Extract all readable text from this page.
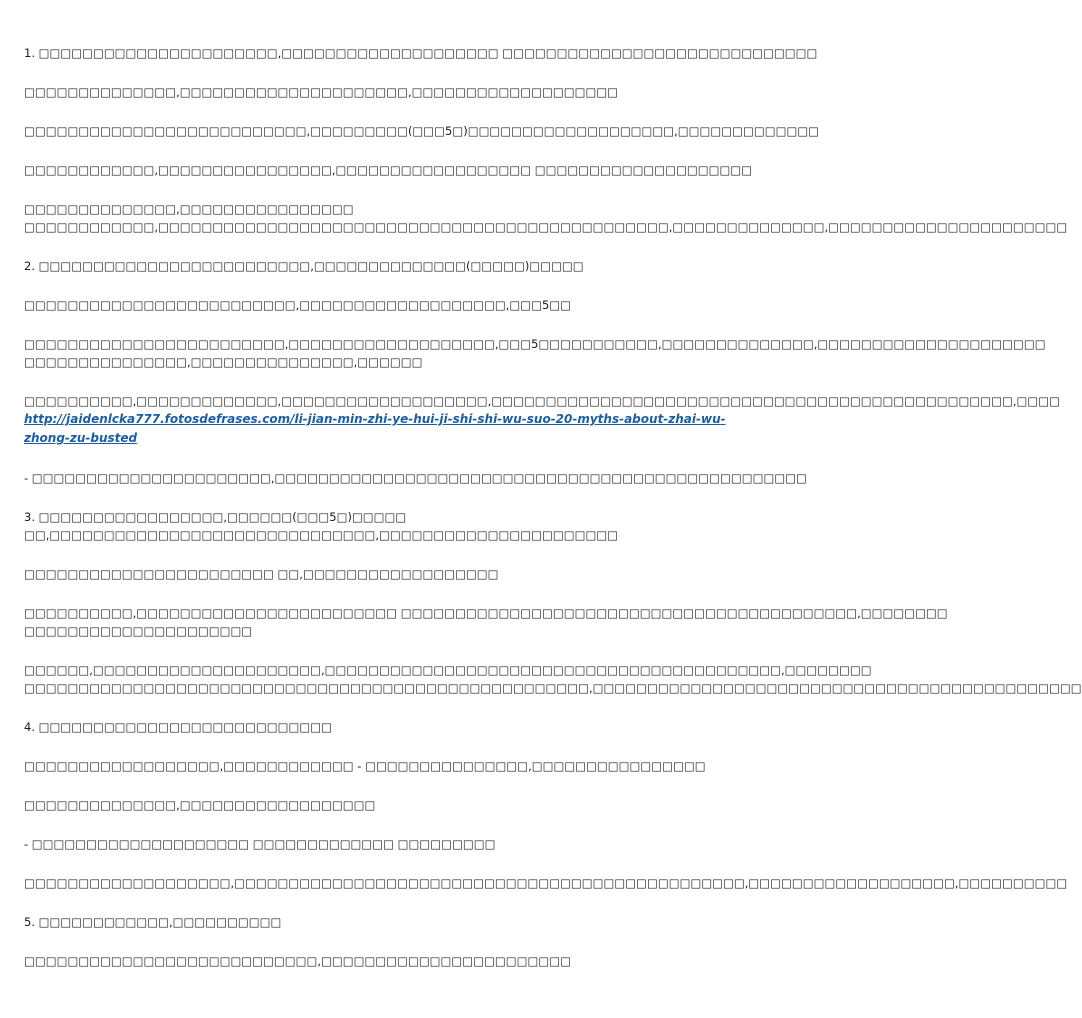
1. □□□□□□□□□□□□□□□□□□□□□□,□□□□□□□□□□□□□□□□□□□□ □□□□□□□□□□□□□□□□□□□□□□□□□□□□□
□□□□□□□□□□□□□□,□□□□□□□□□□□□□□□□□□□□□,□□□□□□□□□□□□□□□□□□□
□□□□□□□□□□□□□□□□□□□□□□□□□□,□□□□□□□□□(□□□5□)□□□□□□□□□□□□□□□□□□□,□□□□□□□□□□□□□
□□□□□□□□□□□□,□□□□□□□□□□□□□□□□,□□□□□□□□□□□□□□□□□□ □□□□□□□□□□□□□□□□□□□□
□□□□□□□□□□□□□□,□□□□□□□□□□□□□□□□
□□□□□□□□□□□□,□□□□□□□□□□□□□□□□□□□□□□□□□□□□□□□□□□□□□□□□□□□□□□□,□□□□□□□□□□□□□□,□□□□□□□□□□□□□□□□□□□□□□
2. □□□□□□□□□□□□□□□□□□□□□□□□□,□□□□□□□□□□□□□□(□□□□□)□□□□□
□□□□□□□□□□□□□□□□□□□□□□□□□,□□□□□□□□□□□□□□□□□□□,□□□5□□
□□□□□□□□□□□□□□□□□□□□□□□□,□□□□□□□□□□□□□□□□□□□,□□□5□□□□□□□□□□□,□□□□□□□□□□□□□□,□□□□□□□□□□□□□□□□□□□□□
□□□□□□□□□□□□□□□,□□□□□□□□□□□□□□□,□□□□□□
□□□□□□□□□□,□□□□□□□□□□□□□,□□□□□□□□□□□□□□□□□□□,□□□□□□□□□□□□□□□□□□□□□□□□□□□□□□□□□□□□□□□□□□□□□□□□,□□□□
http://jaidenlcka777.fotosdefrases.com/li-jian-min-zhi-ye-hui-ji-shi-shi-wu-suo-20-myths-about-zhai-wu-
zhong-zu-busted
- □□□□□□□□□□□□□□□□□□□□□□,□□□□□□□□□□□□□□□□□□□□□□□□□□□□□□□□□□□□□□□□□□□□□□□□□
3. □□□□□□□□□□□□□□□□□,□□□□□□(□□□5□)□□□□□
□□,□□□□□□□□□□□□□□□□□□□□□□□□□□□□□□,□□□□□□□□□□□□□□□□□□□□□□
□□□□□□□□□□□□□□□□□□□□□□□ □□,□□□□□□□□□□□□□□□□□□
□□□□□□□□□□,□□□□□□□□□□□□□□□□□□□□□□□□ □□□□□□□□□□□□□□□□□□□□□□□□□□□□□□□□□□□□□□□□□□,□□□□□□□□
□□□□□□□□□□□□□□□□□□□□□
□□□□□□,□□□□□□□□□□□□□□□□□□□□□,□□□□□□□□□□□□□□□□□□□□□□□□□□□□□□□□□□□□□□□□□□,□□□□□□□□
□□□□□□□□□□□□□□□□□□□□□□□□□□□□□□□□□□□□□□□□□□□□□□□□□□□□,□□□□□□□□□□□□□□□□□□□□□□□□□□□□□□□□□□□□□□□□□□□□□
4. □□□□□□□□□□□□□□□□□□□□□□□□□□□
□□□□□□□□□□□□□□□□□□,□□□□□□□□□□□□ - □□□□□□□□□□□□□□□,□□□□□□□□□□□□□□□□
□□□□□□□□□□□□□□,□□□□□□□□□□□□□□□□□□
- □□□□□□□□□□□□□□□□□□□□ □□□□□□□□□□□□□ □□□□□□□□□
□□□□□□□□□□□□□□□□□□□,□□□□□□□□□□□□□□□□□□□□□□□□□□□□□□□□□□□□□□□□□□□□□□□,□□□□□□□□□□□□□□□□□□□,□□□□□□□□□□
5. □□□□□□□□□□□□,□□□□□□□□□□
□□□□□□□□□□□□□□□□□□□□□□□□□□□,□□□□□□□□□□□□□□□□□□□□□□□
